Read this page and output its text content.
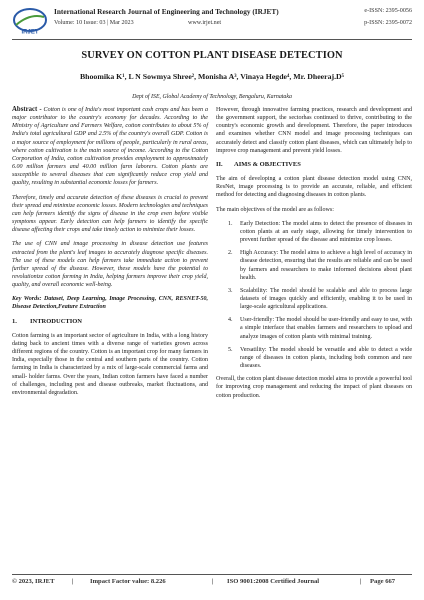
IRJET
International Research Journal of Engineering and Technology (IRJET)
Volume: 10 Issue: 03 | Mar 2023	www.irjet.net
e-ISSN: 2395-0056
p-ISSN: 2395-0072
SURVEY ON COTTON PLANT DISEASE DETECTION
Bhoomika K¹, L N Sowmya Shree², Monisha A³, Vinaya Hegde⁴, Mr. Dheeraj.D⁵
Dept of ISE, Global Academy of Technology, Bengaluru, Karnataka

Abstract - Cotton is one of India's most important cash crops and has been a major contributor to the country's economy for decades. According to the Ministry of Agriculture and Farmers Welfare, cotton contributes to about 5% of India's total agricultural GDP and 2.5% of the country's overall GDP. Cotton is a major source of employment for millions of people, particularly in rural areas, where cotton cultivation is the main source of income. According to the Cotton Corporation of India, cotton cultivation provides employment to approximately 6.00 million farmers and 40.00 million farm laborers. Cotton plants are susceptible to several diseases that can significantly reduce crop yield and quality, resulting in substantial economic losses for farmers.

Therefore, timely and accurate detection of these diseases is crucial to prevent their spread and minimize economic losses. Modern technologies and techniques can help farmers identify the signs of disease in the crop even before visible symptoms appear. Early detection can help farmers to identify the specific disease affecting their crops and take timely action to minimize their losses.

The use of CNN and image processing in disease detection use features extracted from the plant's leaf images to accurately diagnose specific diseases. The use of these models can help farmers take immediate action to prevent further spread of the disease. However, these models have the potential to revolutionize cotton farming in India, helping farmers improve their crop yield, quality, and overall economic well-being.

Key Words: Dataset, Deep Learning, Image Processing, CNN, RESNET-50, Disease Detection,Feature Extraction

1.	INTRODUCTION

Cotton farming is an important sector of agriculture in India, with a long history dating back to ancient times with a diverse range of varieties grown across different regions of the country. Cotton is an important crop for many farmers in India, especially those in the central and southern parts of the country. Cotton farming in India is characterized by a mix of large-scale commercial farms and small- holder farms. Over the years, Indian cotton farmers have faced a number of challenges, including pest and disease outbreaks, market fluctuations, and environmental degradation.

However, through innovative farming practices, research and development and the government support, the sectorhas continued to thrive, contributing to the country's economic growth and development. Therefore, the paper introduces and examines whether CNN model and image processing techniques can accurately detect and classify cotton plant diseases, which can ultimately help to improve crop management and prevent yield losses.

II.	AIMS & OBJECTIVES

The aim of developing a cotton plant disease detection model using CNN, ResNet, image processing is to provide an accurate, reliable, and efficient method for detecting and diagnosing diseases in cotton plants.

The main objectives of the model are as follows:

1.	Early Detection: The model aims to detect the presence of diseases in cotton plants at an early stage, allowing for timely intervention to prevent further spread of the disease and minimize crop losses.
2.	High Accuracy: The model aims to achieve a high level of accuracy in disease detection, ensuring that the results are reliable and can be used by farmers and researchers to make informed decisions about plant health.
3.	Scalability: The model should be scalable and able to process large datasets of images quickly and efficiently, enabling it to be used in large-scale agricultural applications.
4.	User-friendly: The model should be user-friendly and easy to use, with a simple interface that enables farmers and researchers to upload and analyze images of cotton plants with minimal training.
5.	Versatility: The model should be versatile and able to detect a wide range of diseases in cotton plants, including both common and rare diseases.

Overall, the cotton plant disease detection model aims to provide a powerful tool for improving crop management and reducing the impact of plant diseases on cotton production.

© 2023, IRJET	|	Impact Factor value: 8.226	| ISO 9001:2008 Certified Journal	| Page 667
